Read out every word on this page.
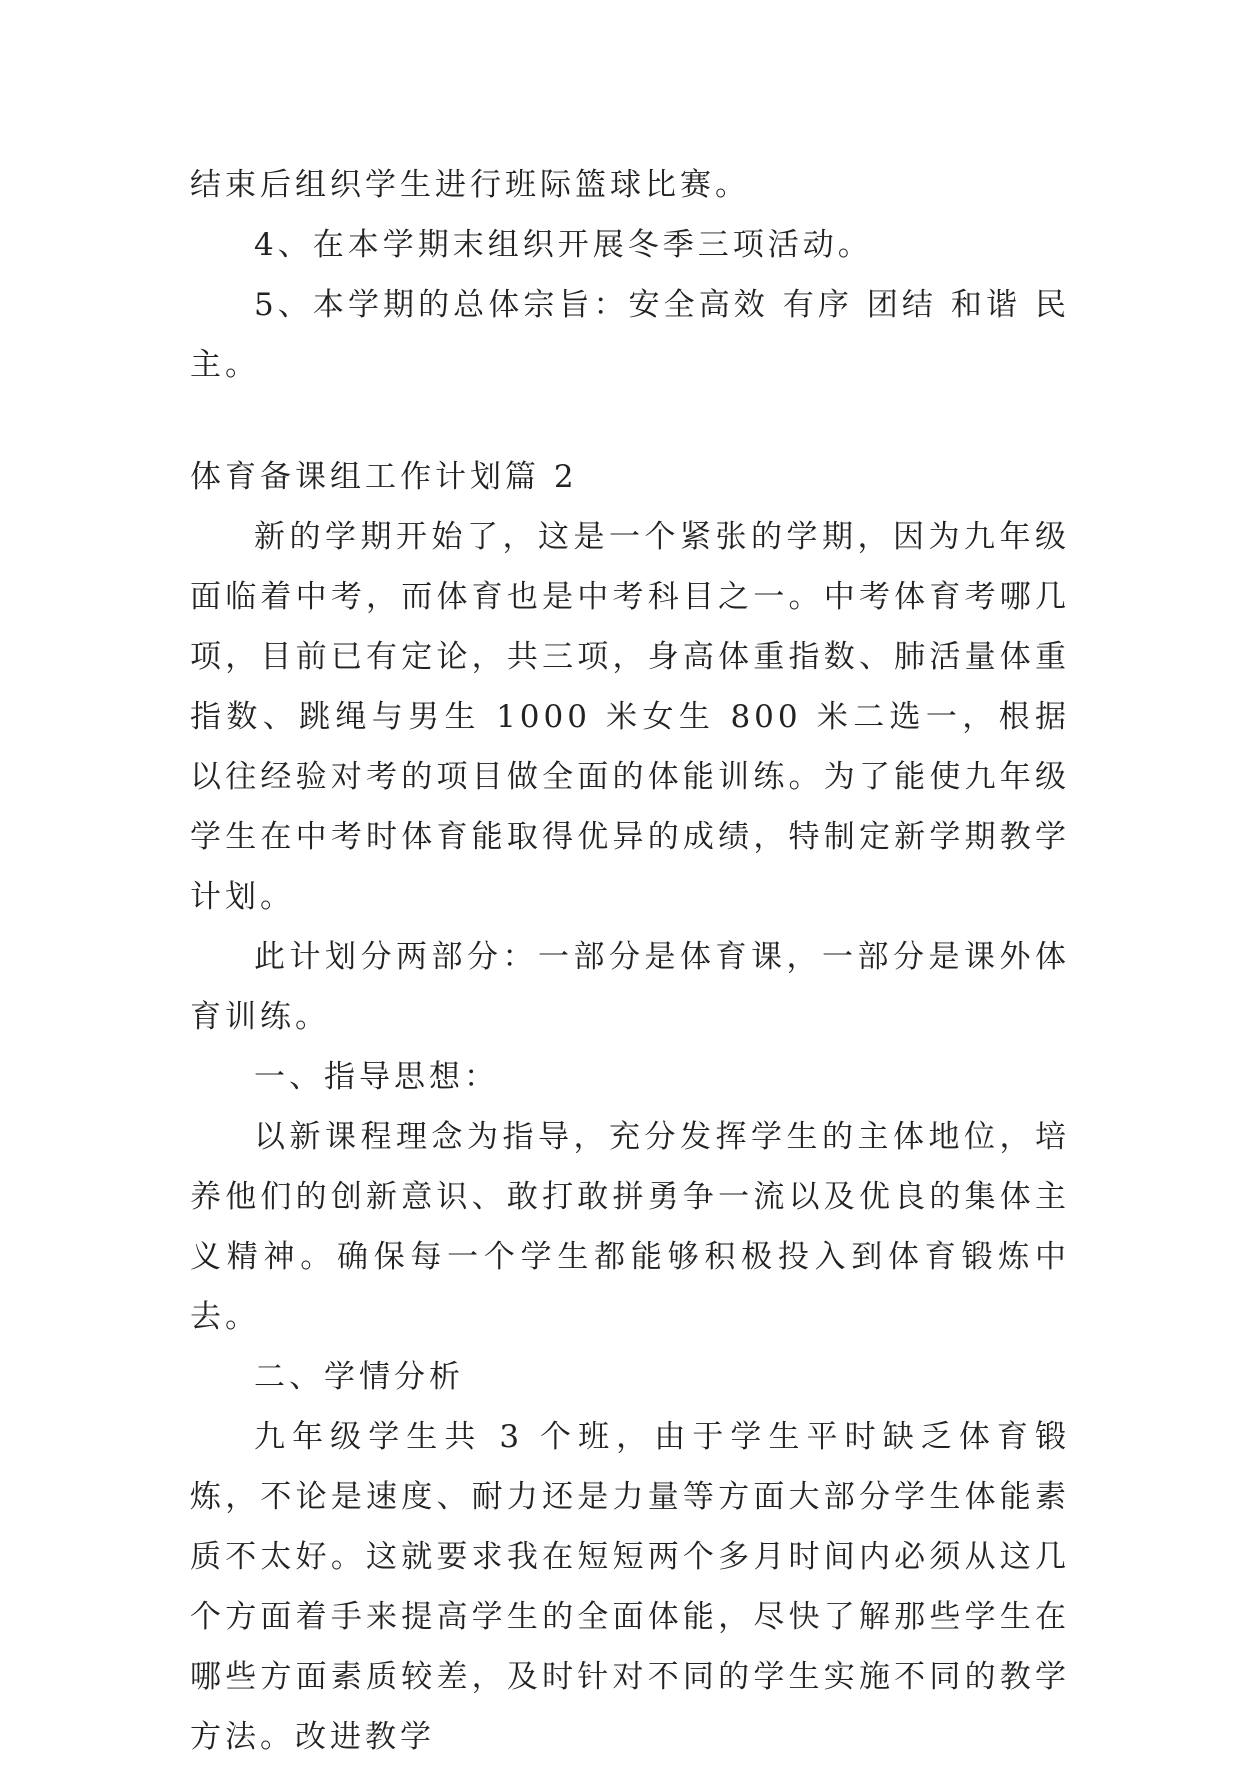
结束后组织学生进行班际篮球比赛。

4、在本学期末组织开展冬季三项活动。

5、本学期的总体宗旨：安全高效 有序 团结 和谐 民主。

体育备课组工作计划篇 2

新的学期开始了，这是一个紧张的学期，因为九年级面临着中考，而体育也是中考科目之一。中考体育考哪几项，目前已有定论，共三项，身高体重指数、肺活量体重指数、跳绳与男生 1000 米女生 800 米二选一，根据以往经验对考的项目做全面的体能训练。为了能使九年级学生在中考时体育能取得优异的成绩，特制定新学期教学计划。

此计划分两部分：一部分是体育课，一部分是课外体育训练。

一、指导思想：

以新课程理念为指导，充分发挥学生的主体地位，培养他们的创新意识、敢打敢拼勇争一流以及优良的集体主义精神。确保每一个学生都能够积极投入到体育锻炼中去。

二、学情分析

九年级学生共 3 个班，由于学生平时缺乏体育锻炼，不论是速度、耐力还是力量等方面大部分学生体能素质不太好。这就要求我在短短两个多月时间内必须从这几个方面着手来提高学生的全面体能，尽快了解那些学生在哪些方面素质较差，及时针对不同的学生实施不同的教学方法。改进教学
